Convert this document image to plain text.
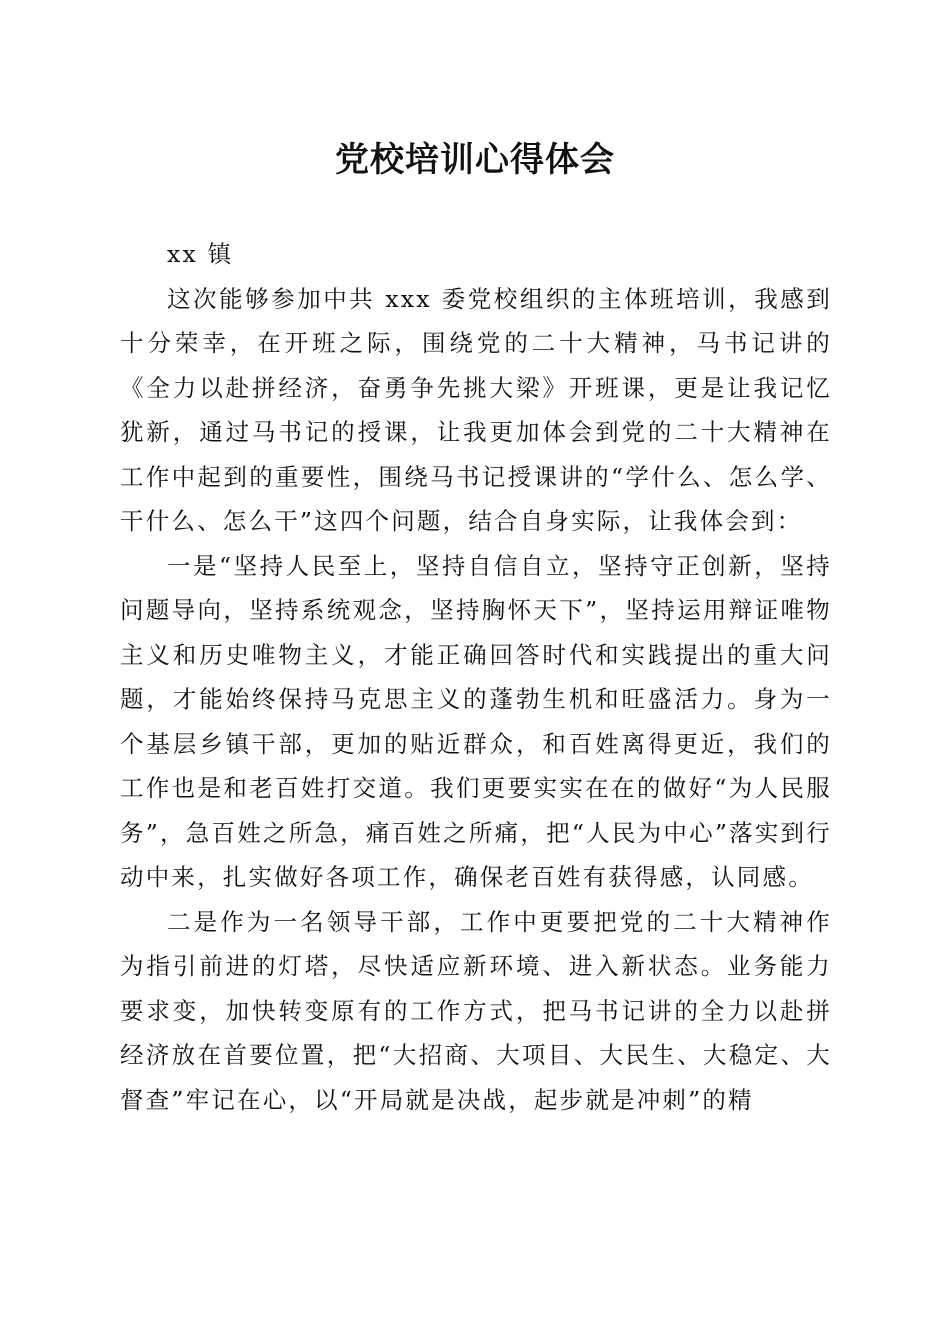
党校培训心得体会

xx 镇

这次能够参加中共 xxx 委党校组织的主体班培训，我感到十分荣幸，在开班之际，围绕党的二十大精神，马书记讲的《全力以赴拼经济，奋勇争先挑大梁》开班课，更是让我记忆犹新，通过马书记的授课，让我更加体会到党的二十大精神在工作中起到的重要性，围绕马书记授课讲的“学什么、怎么学、干什么、怎么干”这四个问题，结合自身实际，让我体会到：

一是“坚持人民至上，坚持自信自立，坚持守正创新，坚持问题导向，坚持系统观念，坚持胸怀天下”，坚持运用辩证唯物主义和历史唯物主义，才能正确回答时代和实践提出的重大问题，才能始终保持马克思主义的蓬勃生机和旺盛活力。身为一个基层乡镇干部，更加的贴近群众，和百姓离得更近，我们的工作也是和老百姓打交道。我们更要实实在在的做好“为人民服务”，急百姓之所急，痛百姓之所痛，把“人民为中心”落实到行动中来，扎实做好各项工作，确保老百姓有获得感，认同感。

二是作为一名领导干部，工作中更要把党的二十大精神作为指引前进的灯塔，尽快适应新环境、进入新状态。业务能力要求变，加快转变原有的工作方式，把马书记讲的全力以赴拼经济放在首要位置，把“大招商、大项目、大民生、大稳定、大督查”牢记在心，以“开局就是决战，起步就是冲刺”的精
